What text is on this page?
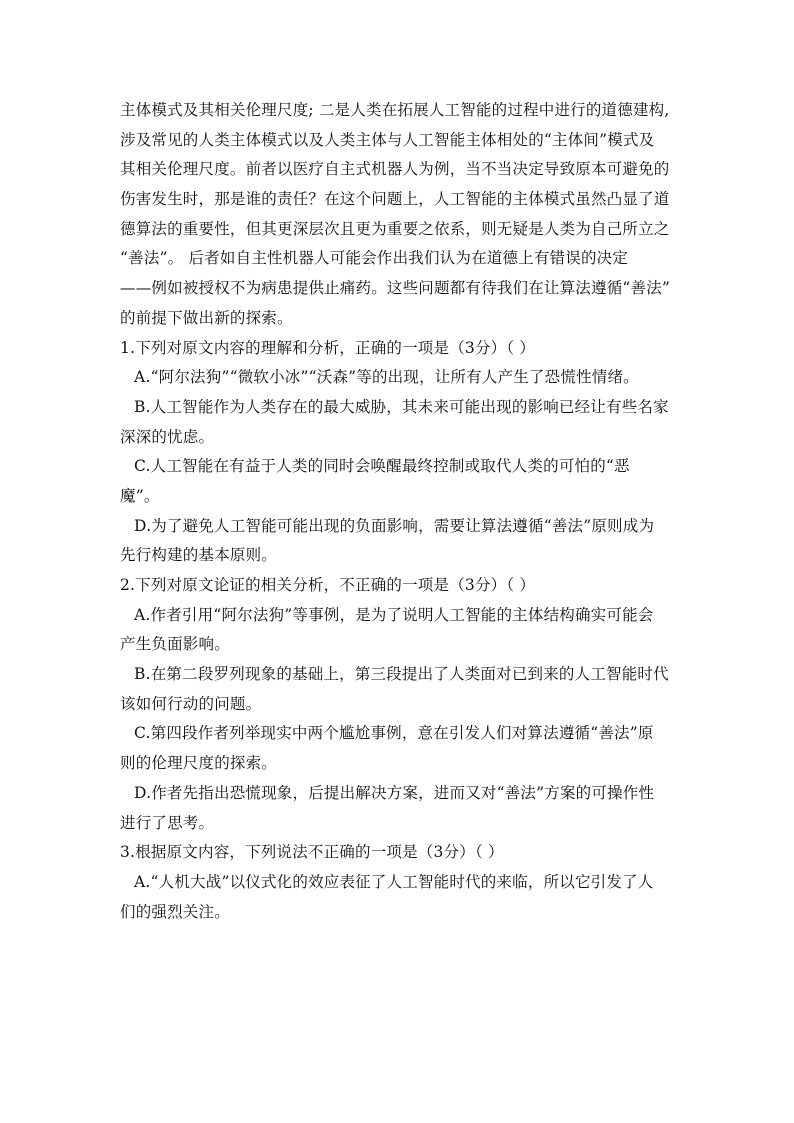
主体模式及其相关伦理尺度; 二是人类在拓展人工智能的过程中进行的道德建构,
涉及常见的人类主体模式以及人类主体与人工智能主体相处的“主体间”模式及
其相关伦理尺度。前者以医疗自主式机器人为例，当不当决定导致原本可避免的
伤害发生时，那是谁的责任？在这个问题上，人工智能的主体模式虽然凸显了道
德算法的重要性，但其更深层次且更为重要之依系，则无疑是人类为自己所立之
“善法”。 后者如自主性机器人可能会作出我们认为在道德上有错误的决定
——例如被授权不为病患提供止痛药。这些问题都有待我们在让算法遵循“善法”
的前提下做出新的探索。
1.下列对原文内容的理解和分析，正确的一项是（3分）（ ）
A.“阿尔法狗”“微软小冰”“沃森”等的出现，让所有人产生了恐慌性情绪。
B.人工智能作为人类存在的最大威胁，其未来可能出现的影响已经让有些名家
深深的忧虑。
C.人工智能在有益于人类的同时会唤醒最终控制或取代人类的可怕的“恶
魔”。
D.为了避免人工智能可能出现的负面影响，需要让算法遵循“善法”原则成为
先行构建的基本原则。
2.下列对原文论证的相关分析，不正确的一项是（3分）（ ）
A.作者引用“阿尔法狗”等事例，是为了说明人工智能的主体结构确实可能会
产生负面影响。
B.在第二段罗列现象的基础上，第三段提出了人类面对已到来的人工智能时代
该如何行动的问题。
C.第四段作者列举现实中两个尴尬事例，意在引发人们对算法遵循“善法”原
则的伦理尺度的探索。
D.作者先指出恐慌现象，后提出解决方案，进而又对“善法”方案的可操作性
进行了思考。
3.根据原文内容，下列说法不正确的一项是（3分）（ ）
A.“人机大战”以仪式化的效应表征了人工智能时代的来临，所以它引发了人
们的强烈关注。
